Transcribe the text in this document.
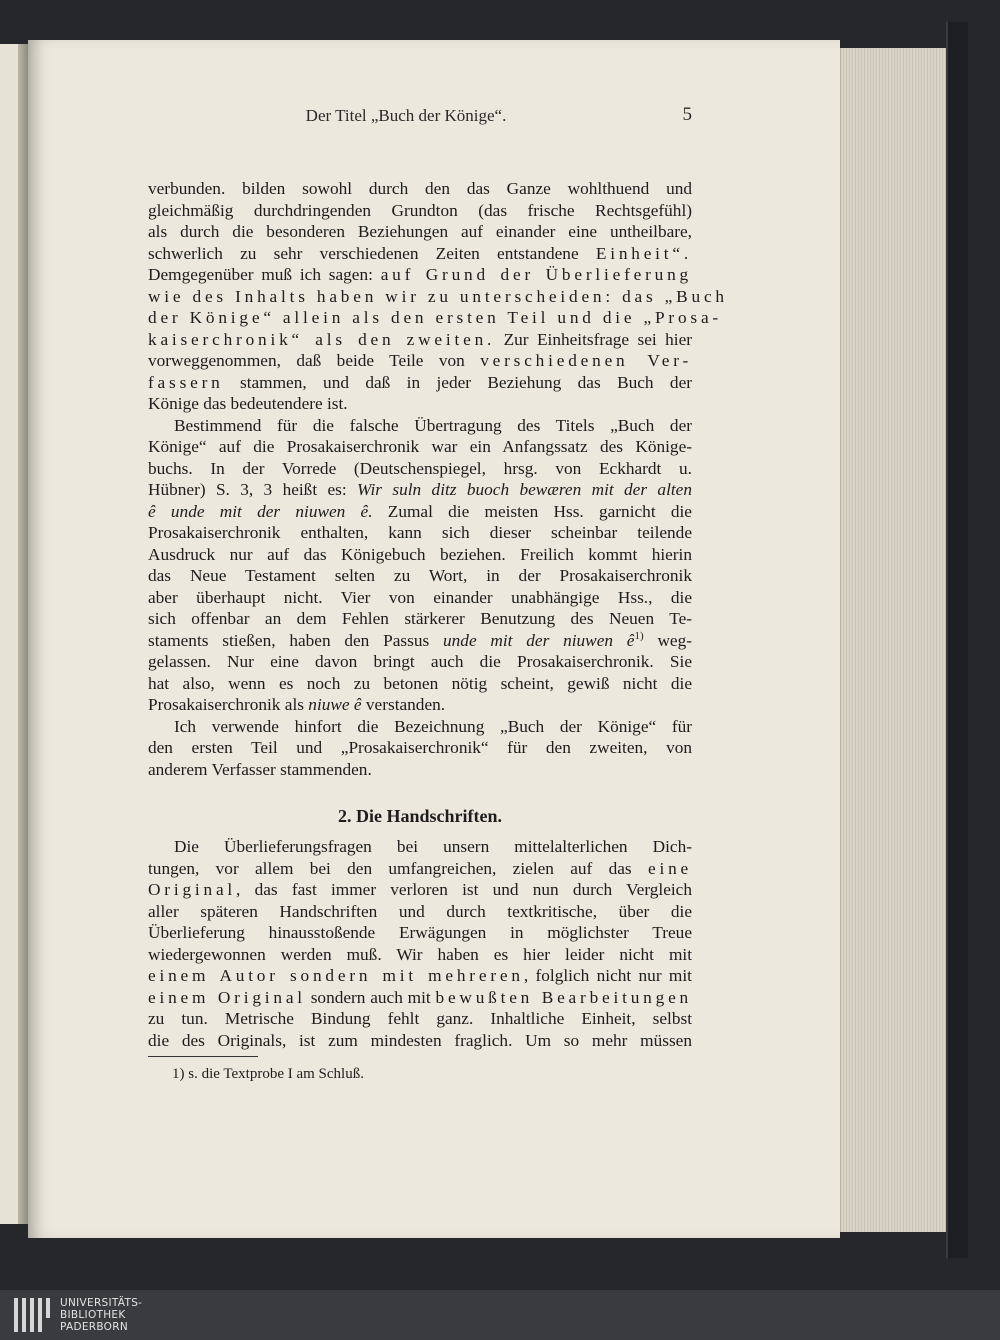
Der Titel „Buch der Könige“.	5
verbunden. bilden sowohl durch den das Ganze wohlthuend und
gleichmäßig durchdringenden Grundton (das frische Rechtsgefühl)
als durch die besonderen Beziehungen auf einander eine untheilbare,
schwerlich zu sehr verschiedenen Zeiten entstandene Einheit“.
Demgegenüber muß ich sagen: auf Grund der Überlieferung
wie des Inhalts haben wir zu unterscheiden: das „Buch
der Könige“ allein als den ersten Teil und die „Prosa-
kaiserchronik“ als den zweiten. Zur Einheitsfrage sei hier
vorweggenommen, daß beide Teile von verschiedenen Ver-
fassern stammen, und daß in jeder Beziehung das Buch der
Könige das bedeutendere ist.
Bestimmend für die falsche Übertragung des Titels „Buch der
Könige“ auf die Prosakaiserchronik war ein Anfangssatz des Könige-
buchs. In der Vorrede (Deutschenspiegel, hrsg. von Eckhardt u.
Hübner) S. 3, 3 heißt es: Wir suln ditz buoch bewæren mit der alten
ê unde mit der niuwen ê. Zumal die meisten Hss. garnicht die
Prosakaiserchronik enthalten, kann sich dieser scheinbar teilende
Ausdruck nur auf das Königebuch beziehen. Freilich kommt hierin
das Neue Testament selten zu Wort, in der Prosakaiserchronik
aber überhaupt nicht. Vier von einander unabhängige Hss., die
sich offenbar an dem Fehlen stärkerer Benutzung des Neuen Te-
staments stießen, haben den Passus unde mit der niuwen $ê^{1)}$ weg-
gelassen. Nur eine davon bringt auch die Prosakaiserchronik. Sie
hat also, wenn es noch zu betonen nötig scheint, gewiß nicht die
Prosakaiserchronik als niuwe ê verstanden.
Ich verwende hinfort die Bezeichnung „Buch der Könige“ für
den ersten Teil und „Prosakaiserchronik“ für den zweiten, von
anderem Verfasser stammenden.
2. Die Handschriften.
Die Überlieferungsfragen bei unsern mittelalterlichen Dich-
tungen, vor allem bei den umfangreichen, zielen auf das eine
Original, das fast immer verloren ist und nun durch Vergleich
aller späteren Handschriften und durch textkritische, über die
Überlieferung hinausstoßende Erwägungen in möglichster Treue
wiedergewonnen werden muß. Wir haben es hier leider nicht mit
einem Autor sondern mit mehreren, folglich nicht nur mit
einem Original sondern auch mit bewußten Bearbeitungen
zu tun. Metrische Bindung fehlt ganz. Inhaltliche Einheit, selbst
die des Originals, ist zum mindesten fraglich. Um so mehr müssen
1) s. die Textprobe I am Schluß.
UNIVERSITÄTS-
BIBLIOTHEK
PADERBORN
